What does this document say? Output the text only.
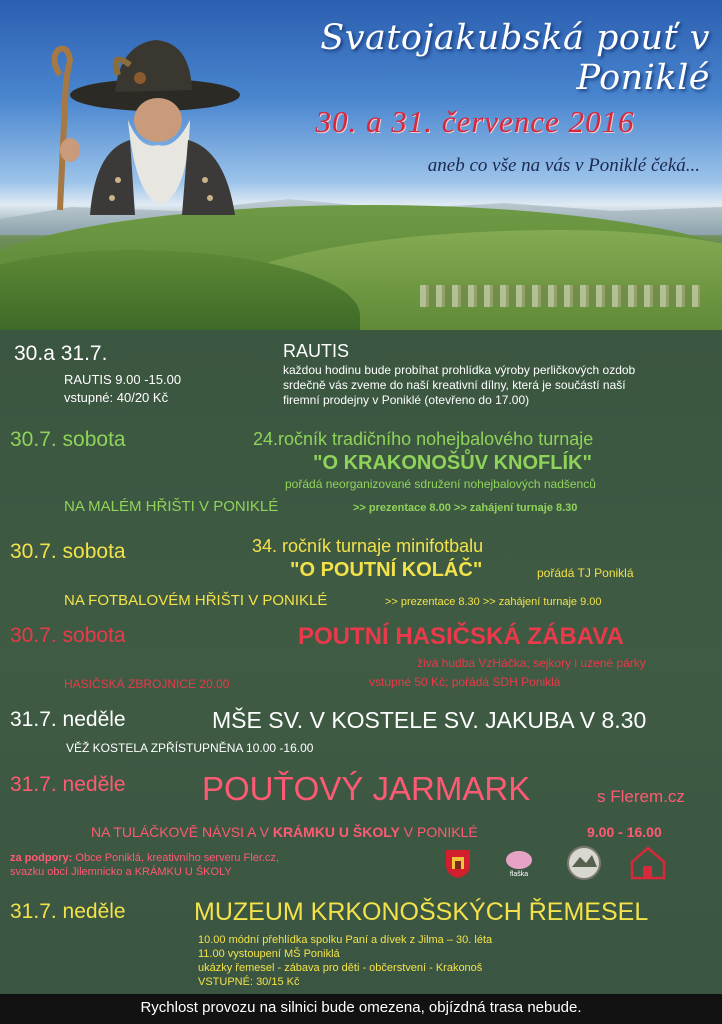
Svatojakubská pouť v Poniklé
30. a 31. července 2016
aneb co vše na vás v Poniklé čeká...
30.a 31.7.	RAUTIS
každou hodinu bude probíhat prohlídka výroby perličkových ozdob
srdečně vás zveme do naší kreativní dílny, která je součástí naší
firemní prodejny v Poniklé (otevřeno do 17.00)
RAUTIS 9.00 -15.00
vstupné: 40/20 Kč
30.7. sobota	24.ročník tradičního nohejbalového turnaje
"O KRAKONOŠŮV KNOFLÍK"
pořádá neorganizované sdružení nohejbalových nadšenců
NA MALÉM HŘIŠTI V PONIKLÉ	>> prezentace 8.00 >> zahájení turnaje 8.30
30.7. sobota	34. ročník turnaje minifotbalu
"O POUTNÍ KOLÁČ"	pořádá TJ Poniklá
NA FOTBALOVÉM HŘIŠTI V PONIKLÉ	>> prezentace 8.30 >> zahájení turnaje 9.00
30.7. sobota	POUTNÍ HASIČSKÁ ZÁBAVA
živá hudba VzHáčka; sejkory i uzené párky
HASIČSKÁ ZBROJNICE 20.00	vstupné 50 Kč; pořádá SDH Poniklá
31.7. neděle	MŠE SV. V KOSTELE SV. JAKUBA V 8.30
VĚŽ KOSTELA ZPŘÍSTUPNĚNA 10.00 -16.00
31.7. neděle POUŤOVÝ JARMARK	s Flerem.cz
NA TULÁČKOVĚ NÁVSI A V KRÁMKU U ŠKOLY V PONIKLÉ	9.00 - 16.00
za podpory: Obce Poniklá, kreativního serveru Fler.cz,
svazku obcí Jilemnicko a KRÁMKU U ŠKOLY	flaška
31.7. neděle	MUZEUM KRKONOŠSKÝCH ŘEMESEL
10.00 módní přehlídka spolku Paní a dívek z Jilma – 30. léta
11.00 vystoupení MŠ Poniklá
ukázky řemesel - zábava pro děti - občerstvení - Krakonoš
VSTUPNÉ: 30/15 Kč
Rychlost provozu na silnici bude omezena, objízdná trasa nebude.
